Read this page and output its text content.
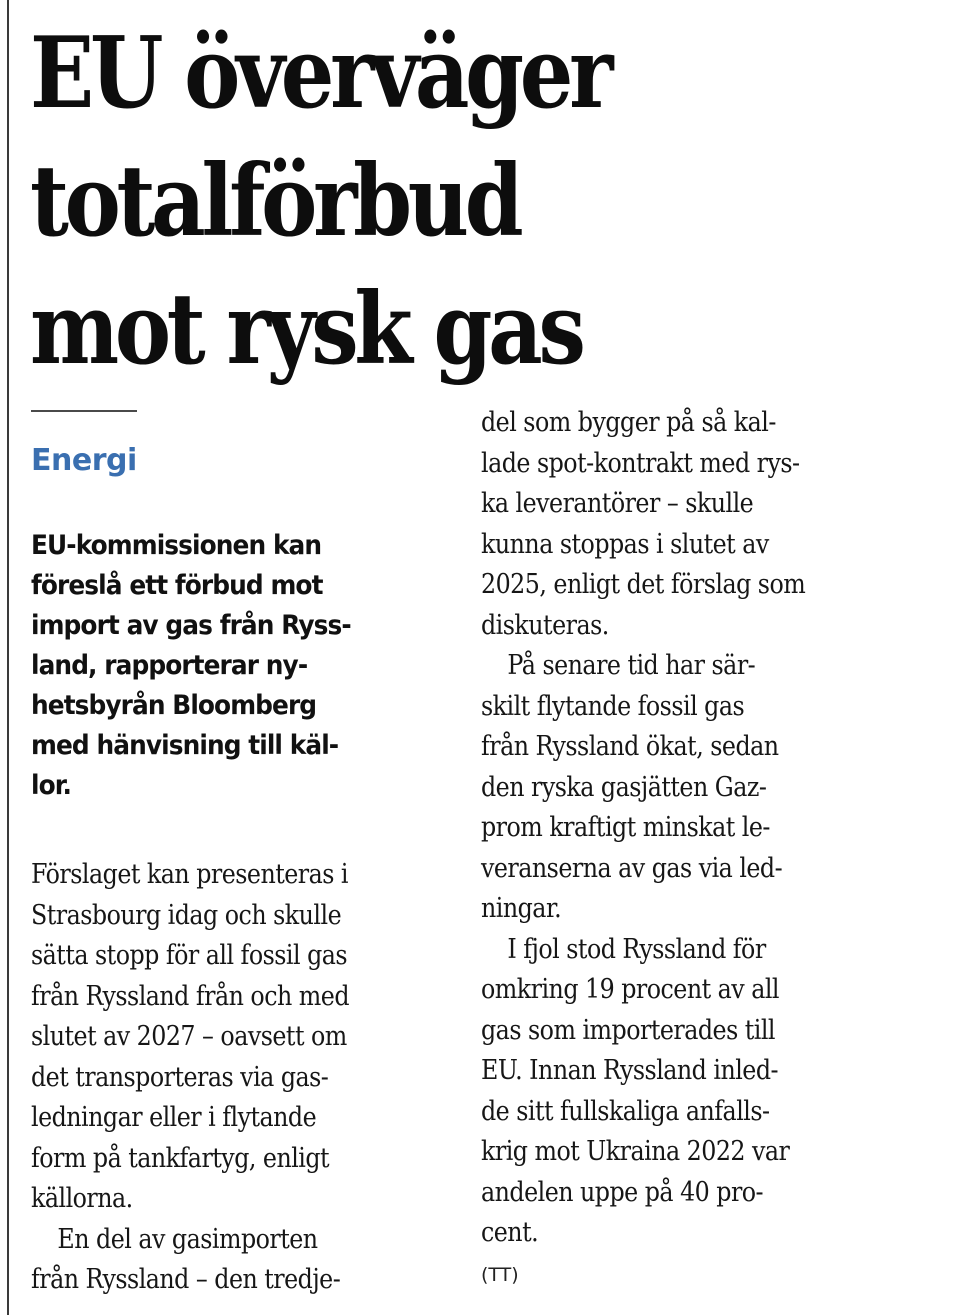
EU överväger
totalförbud
mot rysk gas
Energi
EU-kommissionen kan
föreslå ett förbud mot
import av gas från Ryss-
land, rapporterar ny-
hetsbyrån Bloomberg
med hänvisning till käl-
lor.
Förslaget kan presenteras i
Strasbourg idag och skulle
sätta stopp för all fossil gas
från Ryssland från och med
slutet av 2027 – oavsett om
det transporteras via gas-
ledningar eller i flytande
form på tankfartyg, enligt
källorna.
En del av gasimporten
från Ryssland – den tredje-
del som bygger på så kal-
lade spot-kontrakt med rys-
ka leverantörer – skulle
kunna stoppas i slutet av
2025, enligt det förslag som
diskuteras.
På senare tid har sär-
skilt flytande fossil gas
från Ryssland ökat, sedan
den ryska gasjätten Gaz-
prom kraftigt minskat le-
veranserna av gas via led-
ningar.
I fjol stod Ryssland för
omkring 19 procent av all
gas som importerades till
EU. Innan Ryssland inled-
de sitt fullskaliga anfalls-
krig mot Ukraina 2022 var
andelen uppe på 40 pro-
cent.
(TT)
